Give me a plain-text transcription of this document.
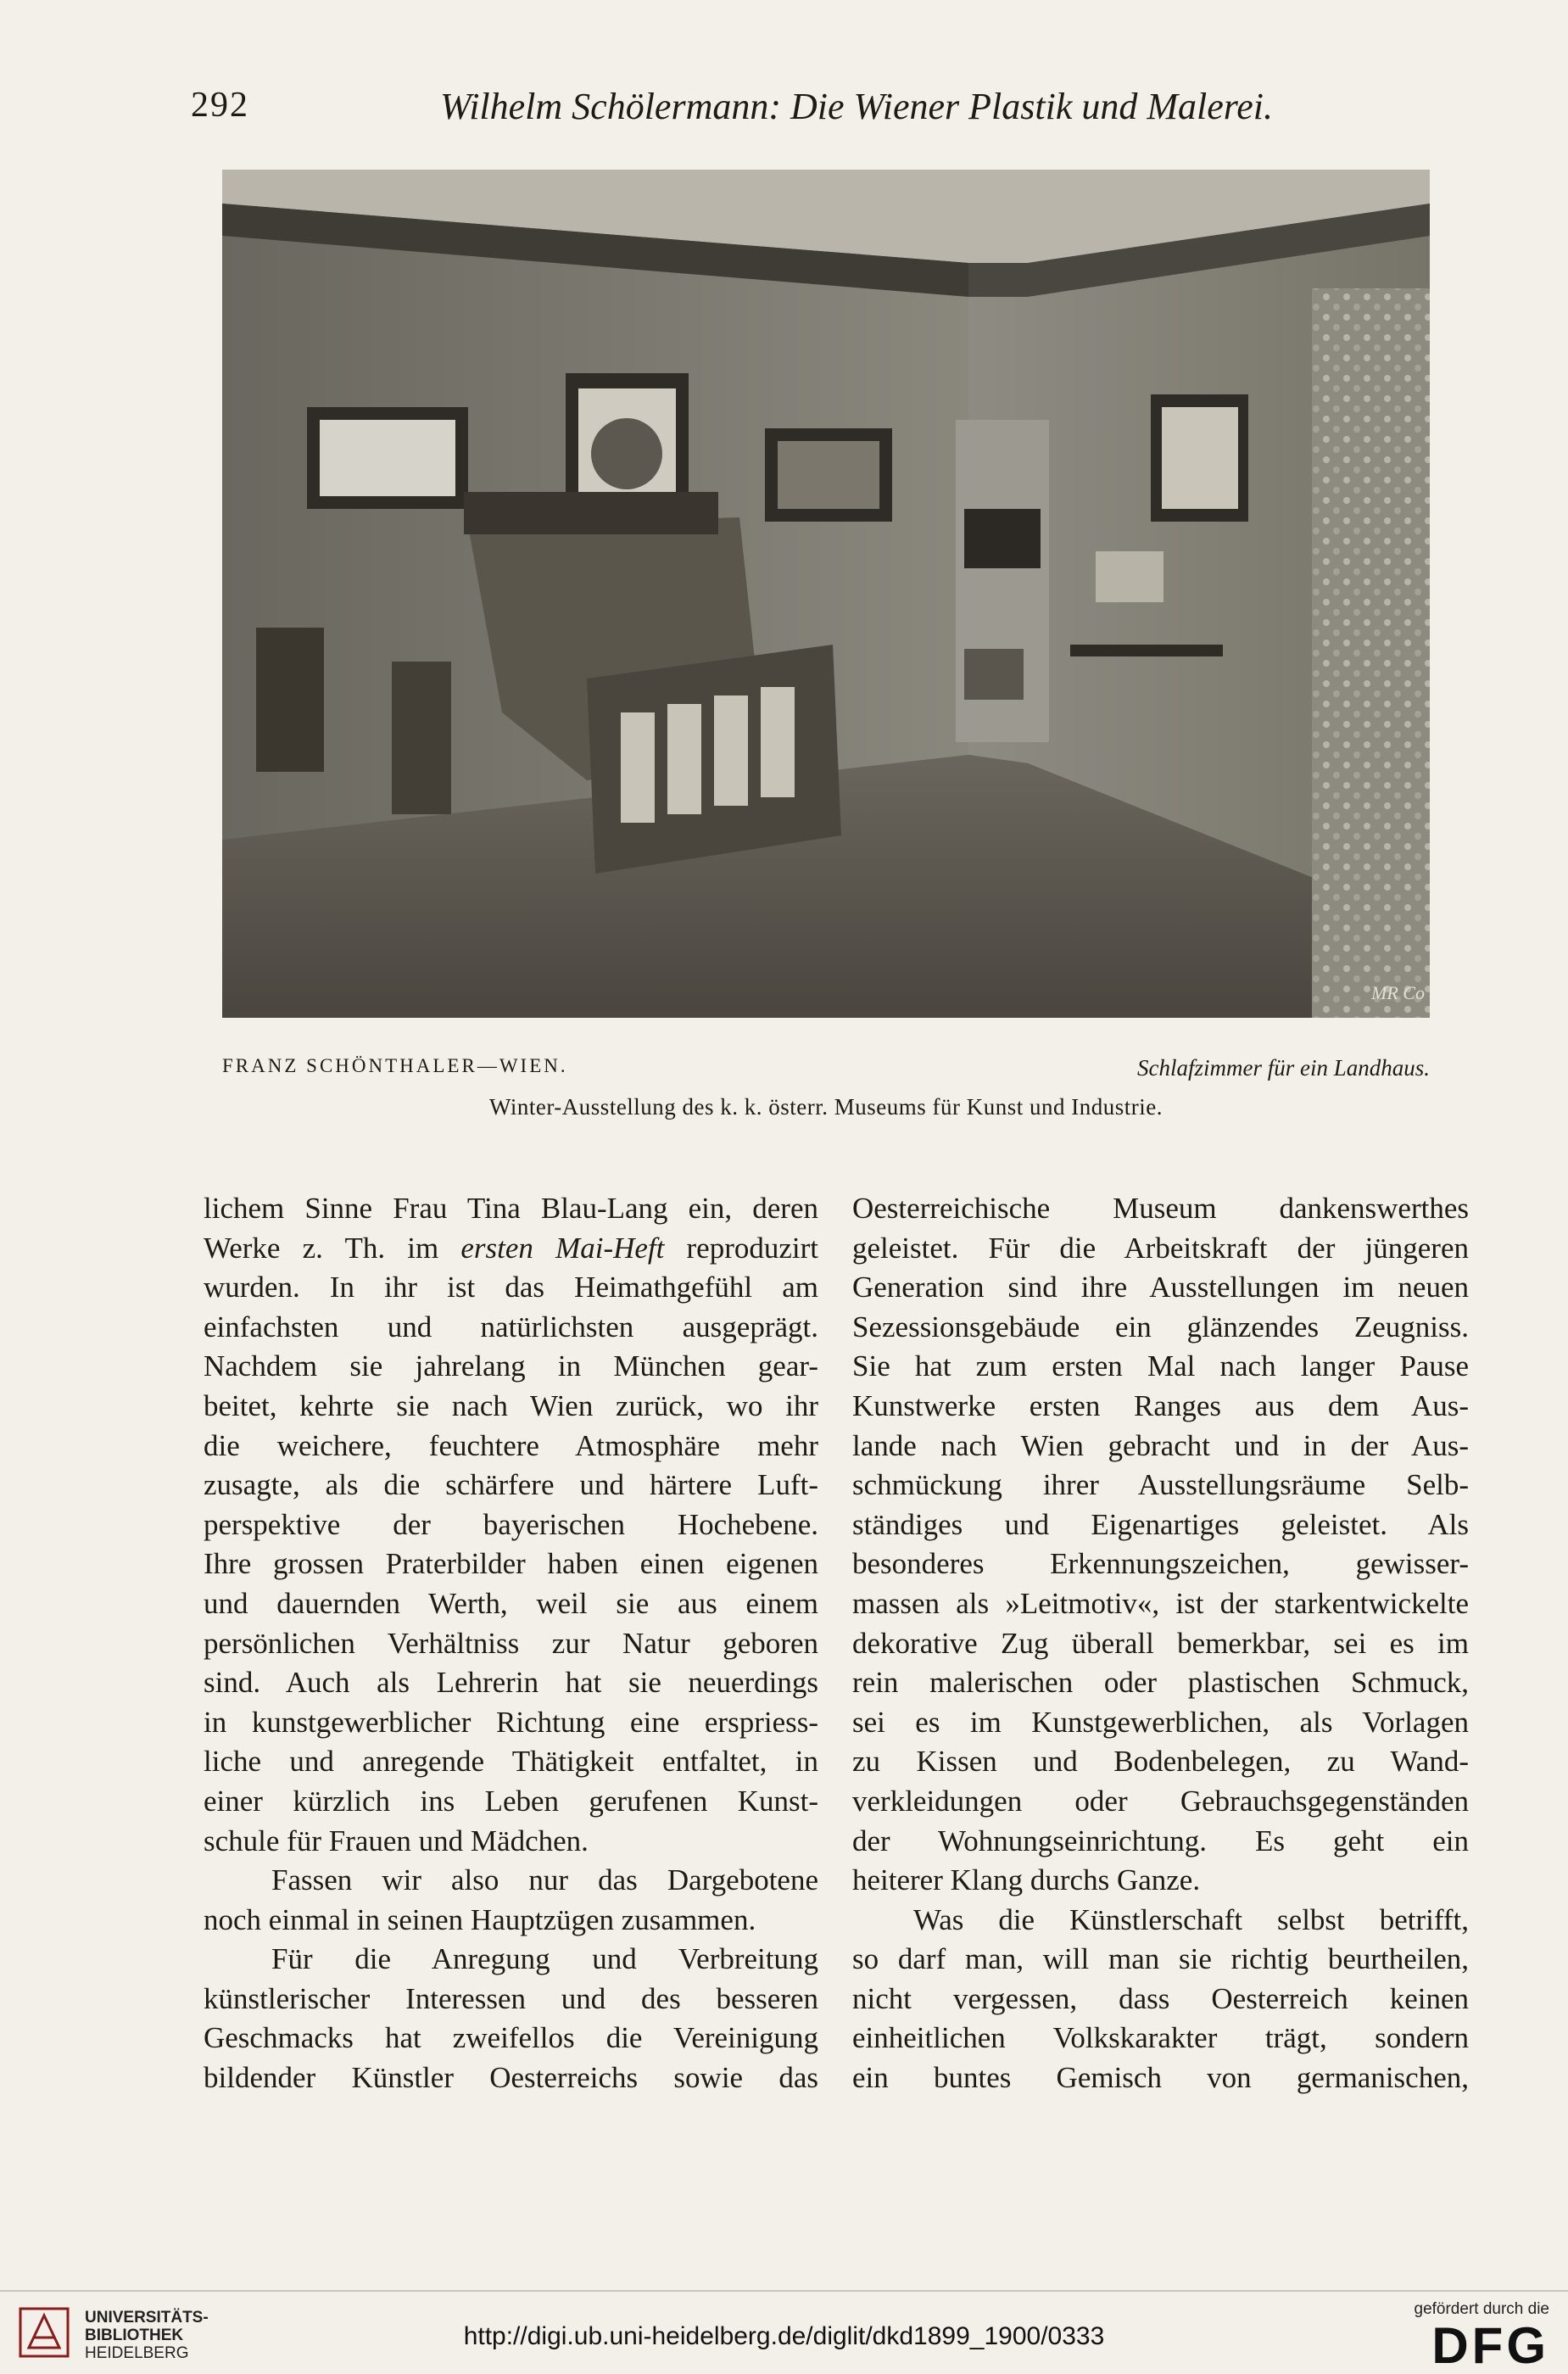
292	Wilhelm Schölermann: Die Wiener Plastik und Malerei.
MR Co
FRANZ SCHÖNTHALER—WIEN.	Schlafzimmer für ein Landhaus.
Winter-Ausstellung des k. k. österr. Museums für Kunst und Industrie.
lichem Sinne Frau Tina Blau-Lang ein, deren
Werke z. Th. im ersten Mai-Heft reproduzirt
wurden. In ihr ist das Heimathgefühl am
einfachsten und natürlichsten ausgeprägt.
Nachdem sie jahrelang in München gear-
beitet, kehrte sie nach Wien zurück, wo ihr
die weichere, feuchtere Atmosphäre mehr
zusagte, als die schärfere und härtere Luft-
perspektive der bayerischen Hochebene.
Ihre grossen Praterbilder haben einen eigenen
und dauernden Werth, weil sie aus einem
persönlichen Verhältniss zur Natur geboren
sind. Auch als Lehrerin hat sie neuerdings
in kunstgewerblicher Richtung eine erspriess-
liche und anregende Thätigkeit entfaltet, in
einer kürzlich ins Leben gerufenen Kunst-
schule für Frauen und Mädchen.
Fassen wir also nur das Dargebotene
noch einmal in seinen Hauptzügen zusammen.
Für die Anregung und Verbreitung
künstlerischer Interessen und des besseren
Geschmacks hat zweifellos die Vereinigung
bildender Künstler Oesterreichs sowie das
Oesterreichische Museum dankenswerthes
geleistet. Für die Arbeitskraft der jüngeren
Generation sind ihre Ausstellungen im neuen
Sezessionsgebäude ein glänzendes Zeugniss.
Sie hat zum ersten Mal nach langer Pause
Kunstwerke ersten Ranges aus dem Aus-
lande nach Wien gebracht und in der Aus-
schmückung ihrer Ausstellungsräume Selb-
ständiges und Eigenartiges geleistet. Als
besonderes Erkennungszeichen, gewisser-
massen als »Leitmotiv«, ist der starkentwickelte
dekorative Zug überall bemerkbar, sei es im
rein malerischen oder plastischen Schmuck,
sei es im Kunstgewerblichen, als Vorlagen
zu Kissen und Bodenbelegen, zu Wand-
verkleidungen oder Gebrauchsgegenständen
der Wohnungseinrichtung. Es geht ein
heiterer Klang durchs Ganze.
Was die Künstlerschaft selbst betrifft,
so darf man, will man sie richtig beurtheilen,
nicht vergessen, dass Oesterreich keinen
einheitlichen Volkskarakter trägt, sondern
ein buntes Gemisch von germanischen,
UNIVERSITÄTS-
BIBLIOTHEK
HEIDELBERG
http://digi.ub.uni-heidelberg.de/diglit/dkd1899_1900/0333
gefördert durch die
DFG
